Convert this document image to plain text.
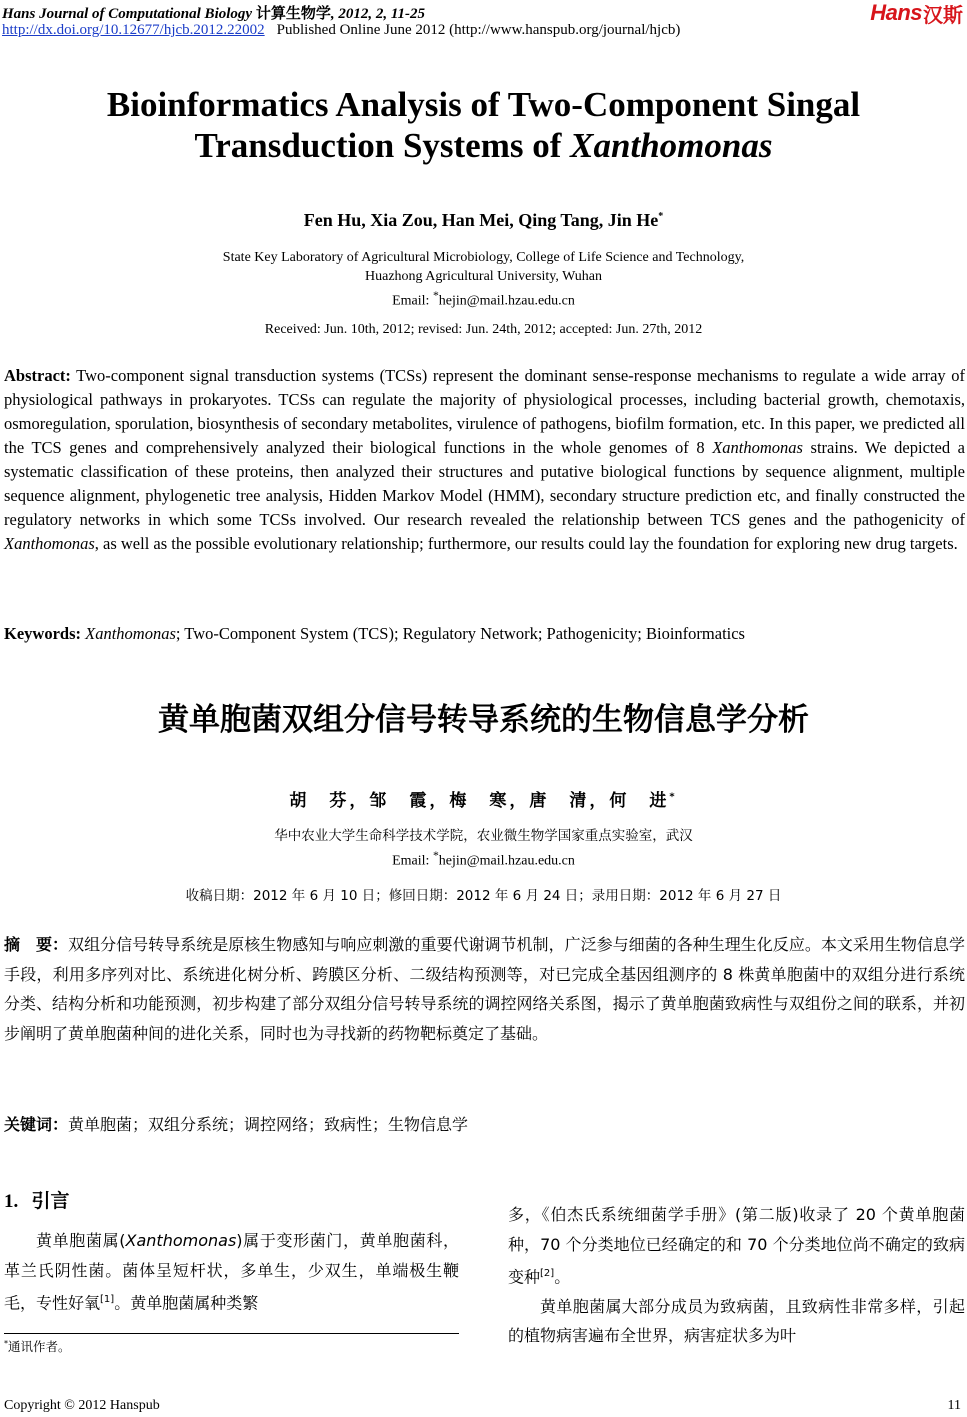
Hans Journal of Computational Biology 计算生物学, 2012, 2, 11-25
http://dx.doi.org/10.12677/hjcb.2012.22002 Published Online June 2012 (http://www.hanspub.org/journal/hjcb)
Hans 汉斯
Bioinformatics Analysis of Two-Component Singal
Transduction Systems of Xanthomonas
Fen Hu, Xia Zou, Han Mei, Qing Tang, Jin He*
State Key Laboratory of Agricultural Microbiology, College of Life Science and Technology,
Huazhong Agricultural University, Wuhan
Email: *hejin@mail.hzau.edu.cn
Received: Jun. 10th, 2012; revised: Jun. 24th, 2012; accepted: Jun. 27th, 2012
Abstract: Two-component signal transduction systems (TCSs) represent the dominant sense-response mechanisms to regulate a wide array of physiological pathways in prokaryotes. TCSs can regulate the majority of physiological processes, including bacterial growth, chemotaxis, osmoregulation, sporulation, biosynthesis of secondary metabolites, virulence of pathogens, biofilm formation, etc. In this paper, we predicted all the TCS genes and comprehensively analyzed their biological functions in the whole genomes of 8 Xanthomonas strains. We depicted a systematic classification of these proteins, then analyzed their structures and putative biological functions by sequence alignment, multiple sequence alignment, phylogenetic tree analysis, Hidden Markov Model (HMM), secondary structure prediction etc, and finally constructed the regulatory networks in which some TCSs involved. Our research revealed the relationship between TCS genes and the pathogenicity of Xanthomonas, as well as the possible evolutionary relationship; furthermore, our results could lay the foundation for exploring new drug targets.
Keywords: Xanthomonas; Two-Component System (TCS); Regulatory Network; Pathogenicity; Bioinformatics
黄单胞菌双组分信号转导系统的生物信息学分析
胡　芬，邹　霞，梅　寒，唐　清，何　进*
华中农业大学生命科学技术学院，农业微生物学国家重点实验室，武汉
Email: *hejin@mail.hzau.edu.cn
收稿日期：2012 年 6 月 10 日；修回日期：2012 年 6 月 24 日；录用日期：2012 年 6 月 27 日
摘　要：双组分信号转导系统是原核生物感知与响应刺激的重要代谢调节机制，广泛参与细菌的各种生理生化反应。本文采用生物信息学手段，利用多序列对比、系统进化树分析、跨膜区分析、二级结构预测等，对已完成全基因组测序的 8 株黄单胞菌中的双组分进行系统分类、结构分析和功能预测，初步构建了部分双组分信号转导系统的调控网络关系图，揭示了黄单胞菌致病性与双组份之间的联系，并初步阐明了黄单胞菌种间的进化关系，同时也为寻找新的药物靶标奠定了基础。
关键词：黄单胞菌；双组分系统；调控网络；致病性；生物信息学
1. 引言
黄单胞菌属(Xanthomonas)属于变形菌门，黄单胞菌科，革兰氏阴性菌。菌体呈短杆状，多单生，少双生，单端极生鞭毛，专性好氧[1]。黄单胞菌属种类繁

多，《伯杰氏系统细菌学手册》(第二版)收录了 20 个黄单胞菌种，70 个分类地位已经确定的和 70 个分类地位尚不确定的致病变种[2]。

黄单胞菌属大部分成员为致病菌，且致病性非常多样，引起的植物病害遍布全世界，病害症状多为叶

*通讯作者。
Copyright © 2012 Hanspub	11
